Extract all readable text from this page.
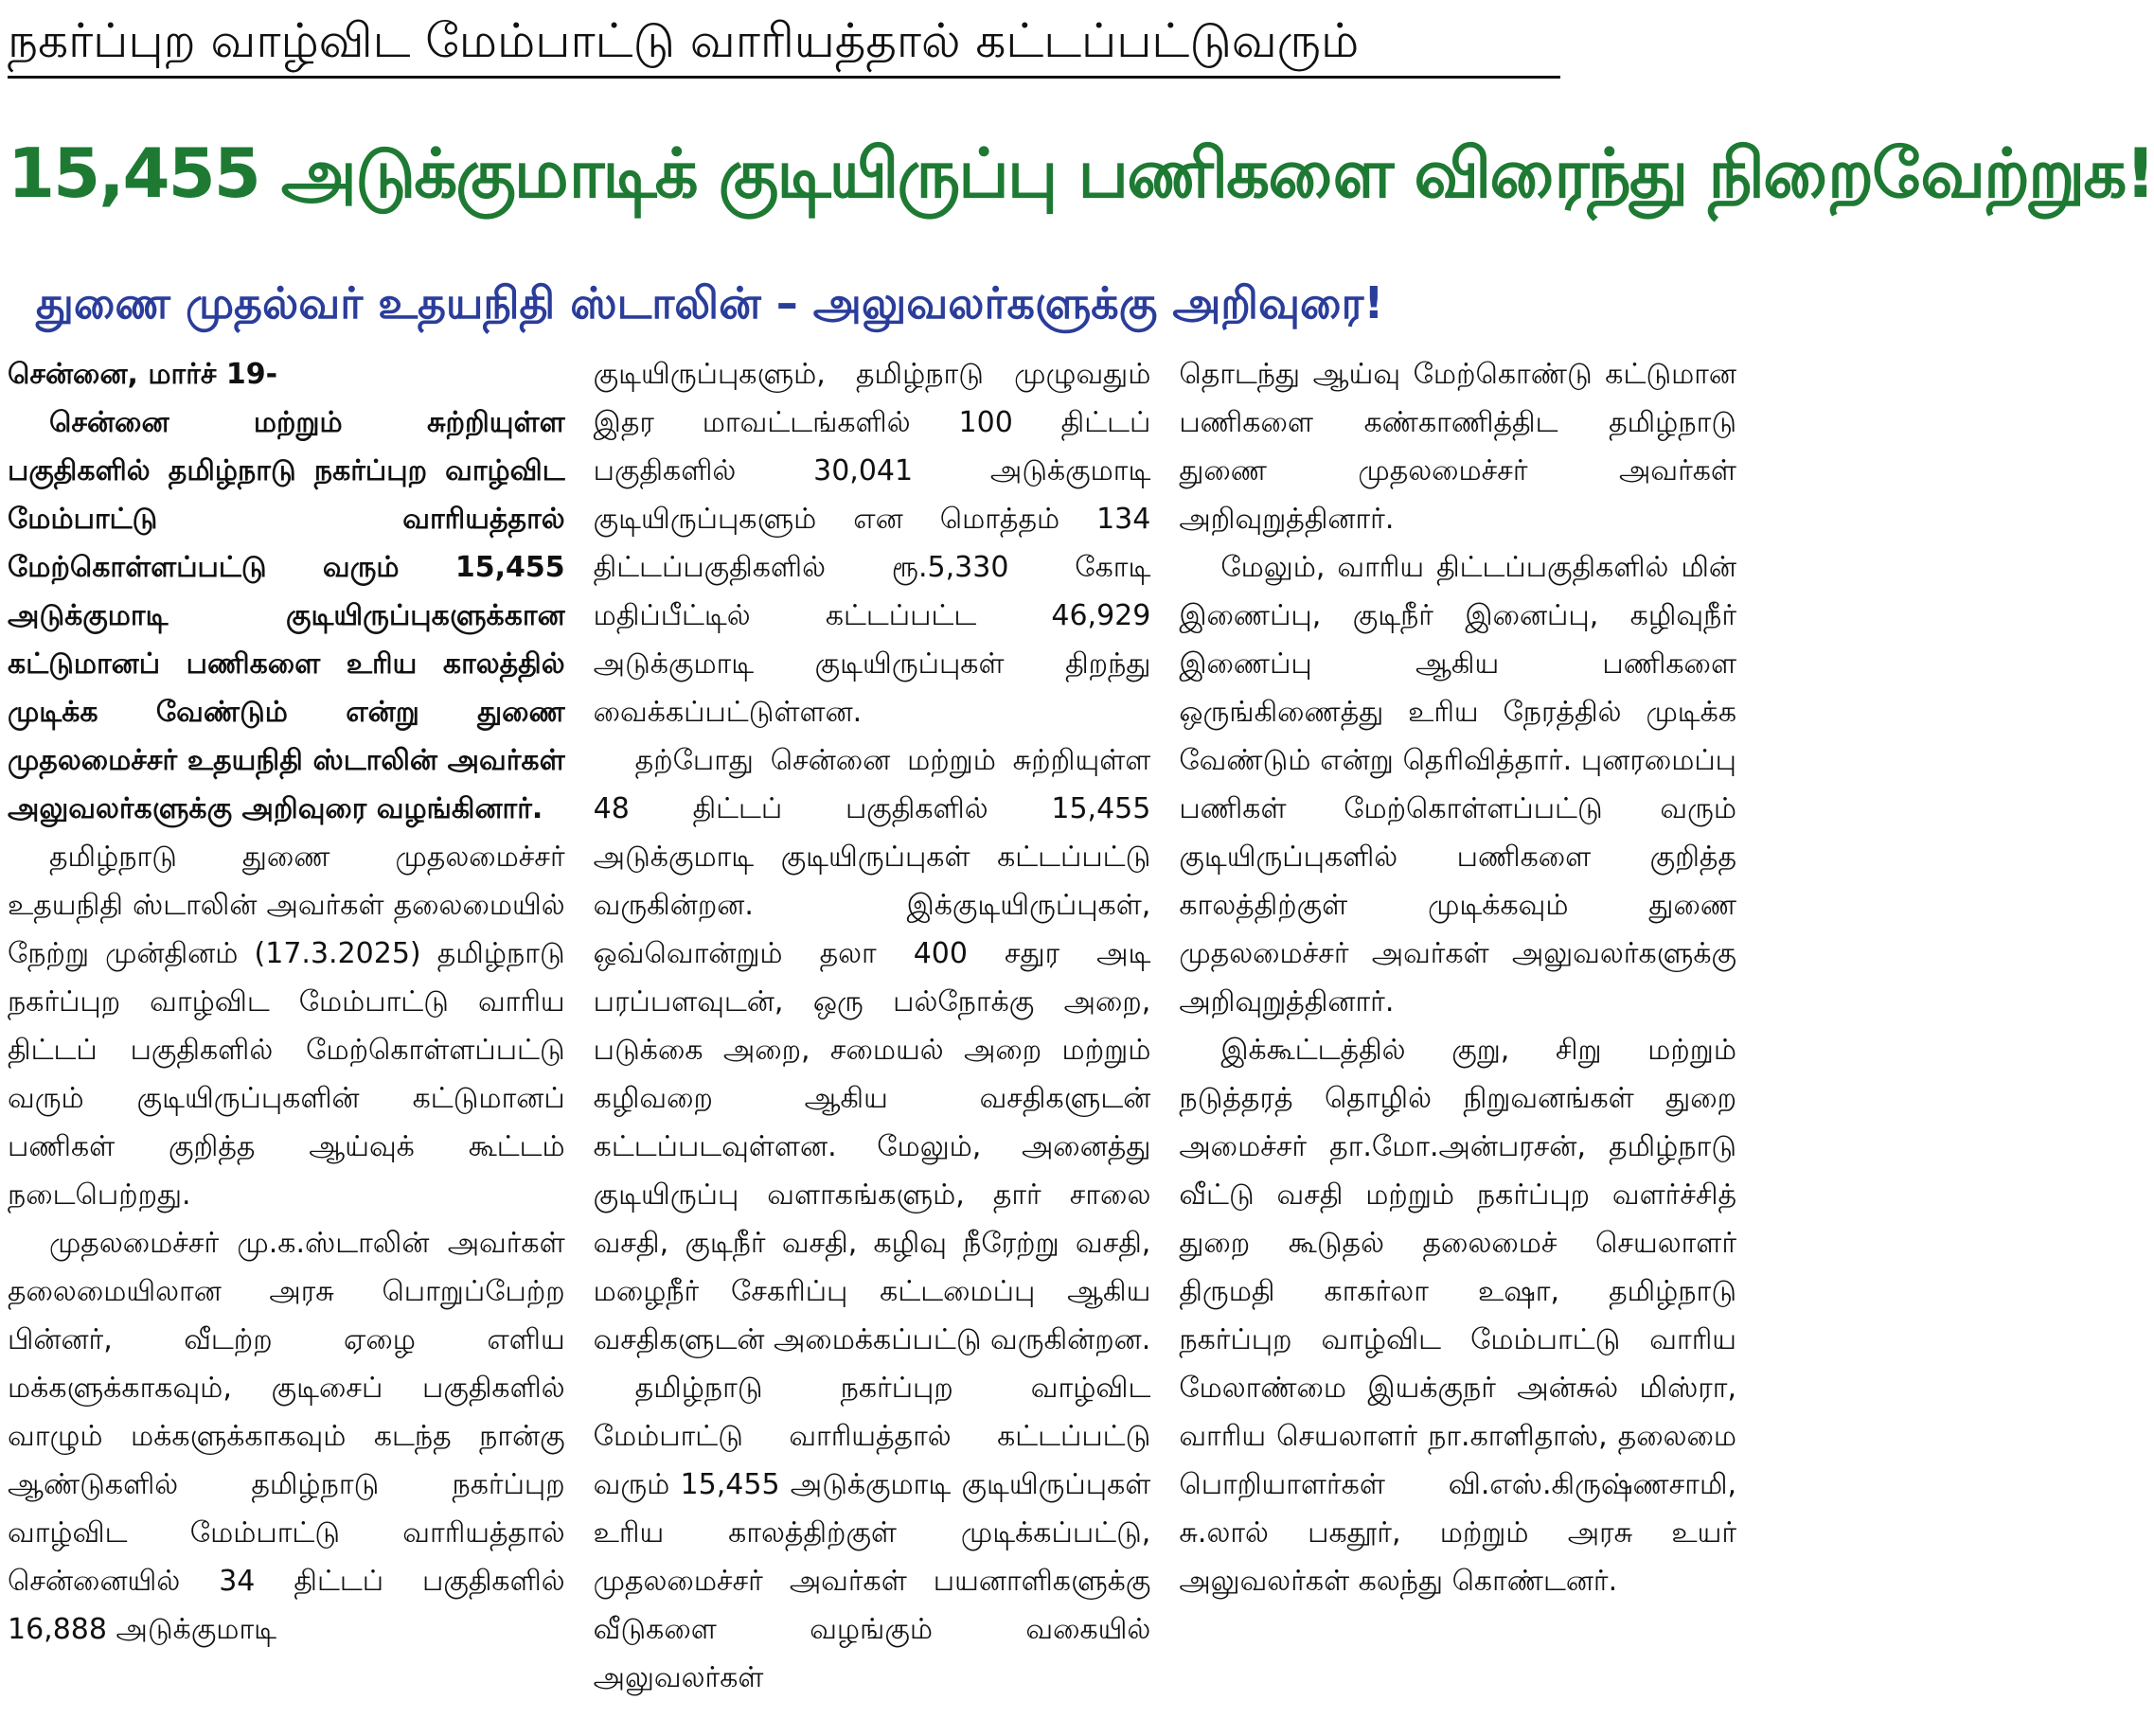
நகர்ப்புற வாழ்விட மேம்பாட்டு வாரியத்தால் கட்டப்பட்டுவரும்
15,455 அடுக்குமாடிக் குடியிருப்பு பணிகளை விரைந்து நிறைவேற்றுக!
துணை முதல்வர் உதயநிதி ஸ்டாலின் – அலுவலர்களுக்கு அறிவுரை!

சென்னை, மார்ச் 19-

சென்னை மற்றும் சுற்றியுள்ள பகுதிகளில் தமிழ்நாடு நகர்ப்புற வாழ்விட மேம்பாட்டு வாரியத்தால் மேற்கொள்ளப்பட்டு வரும் 15,455 அடுக்குமாடி குடியிருப்புகளுக்கான கட்டுமானப் பணிகளை உரிய காலத்தில் முடிக்க வேண்டும் என்று துணை முதலமைச்சர் உதயநிதி ஸ்டாலின் அவர்கள் அலுவலர்களுக்கு அறிவுரை வழங்கினார்.

தமிழ்நாடு துணை முதலமைச்சர் உதயநிதி ஸ்டாலின் அவர்கள் தலைமையில் நேற்று முன்தினம் (17.3.2025) தமிழ்நாடு நகர்ப்புற வாழ்விட மேம்பாட்டு வாரிய திட்டப் பகுதிகளில் மேற்கொள்ளப்பட்டு வரும் குடியிருப்புகளின் கட்டுமானப் பணிகள் குறித்த ஆய்வுக் கூட்டம் நடைபெற்றது.

முதலமைச்சர் மு.க.ஸ்டாலின் அவர்கள் தலைமையிலான அரசு பொறுப்பேற்ற பின்னர், வீடற்ற ஏழை எளிய மக்களுக்காகவும், குடிசைப் பகுதிகளில் வாழும் மக்களுக்காகவும் கடந்த நான்கு ஆண்டுகளில் தமிழ்நாடு நகர்ப்புற வாழ்விட மேம்பாட்டு வாரியத்தால் சென்னையில் 34 திட்டப் பகுதிகளில் 16,888 அடுக்குமாடி

குடியிருப்புகளும், தமிழ்நாடு முழுவதும் இதர மாவட்டங்களில் 100 திட்டப் பகுதிகளில் 30,041 அடுக்குமாடி குடியிருப்புகளும் என மொத்தம் 134 திட்டப்பகுதிகளில் ரூ.5,330 கோடி மதிப்பீட்டில் கட்டப்பட்ட 46,929 அடுக்குமாடி குடியிருப்புகள் திறந்து வைக்கப்பட்டுள்ளன.

தற்போது சென்னை மற்றும் சுற்றியுள்ள 48 திட்டப் பகுதிகளில் 15,455 அடுக்குமாடி குடியிருப்புகள் கட்டப்பட்டு வருகின்றன. இக்குடியிருப்புகள், ஒவ்வொன்றும் தலா 400 சதுர அடி பரப்பளவுடன், ஒரு பல்நோக்கு அறை, படுக்கை அறை, சமையல் அறை மற்றும் கழிவறை ஆகிய வசதிகளுடன் கட்டப்படவுள்ளன. மேலும், அனைத்து குடியிருப்பு வளாகங்களும், தார் சாலை வசதி, குடிநீர் வசதி, கழிவு நீரேற்று வசதி, மழைநீர் சேகரிப்பு கட்டமைப்பு ஆகிய வசதிகளுடன் அமைக்கப்பட்டு வருகின்றன.

தமிழ்நாடு நகர்ப்புற வாழ்விட மேம்பாட்டு வாரியத்தால் கட்டப்பட்டு வரும் 15,455 அடுக்குமாடி குடியிருப்புகள் உரிய காலத்திற்குள் முடிக்கப்பட்டு, முதலமைச்சர் அவர்கள் பயனாளிகளுக்கு வீடுகளை வழங்கும் வகையில் அலுவலர்கள்

தொடந்து ஆய்வு மேற்கொண்டு கட்டுமான பணிகளை கண்காணித்திட தமிழ்நாடு துணை முதலமைச்சர் அவர்கள் அறிவுறுத்தினார்.

மேலும், வாரிய திட்டப்பகுதிகளில் மின் இணைப்பு, குடிநீர் இனைப்பு, கழிவுநீர் இணைப்பு ஆகிய பணிகளை ஒருங்கிணைத்து உரிய நேரத்தில் முடிக்க வேண்டும் என்று தெரிவித்தார். புனரமைப்பு பணிகள் மேற்கொள்ளப்பட்டு வரும் குடியிருப்புகளில் பணிகளை குறித்த காலத்திற்குள் முடிக்கவும் துணை முதலமைச்சர் அவர்கள் அலுவலர்களுக்கு அறிவுறுத்தினார்.

இக்கூட்டத்தில் குறு, சிறு மற்றும் நடுத்தரத் தொழில் நிறுவனங்கள் துறை அமைச்சர் தா.மோ.அன்பரசன், தமிழ்நாடு வீட்டு வசதி மற்றும் நகர்ப்புற வளர்ச்சித் துறை கூடுதல் தலைமைச் செயலாளர் திருமதி காகர்லா உஷா, தமிழ்நாடு நகர்ப்புற வாழ்விட மேம்பாட்டு வாரிய மேலாண்மை இயக்குநர் அன்சுல் மிஸ்ரா, வாரிய செயலாளர் நா.காளிதாஸ், தலைமை பொறியாளர்கள் வி.எஸ்.கிருஷ்ணசாமி, சு.லால் பகதூர், மற்றும் அரசு உயர் அலுவலர்கள் கலந்து கொண்டனர்.
